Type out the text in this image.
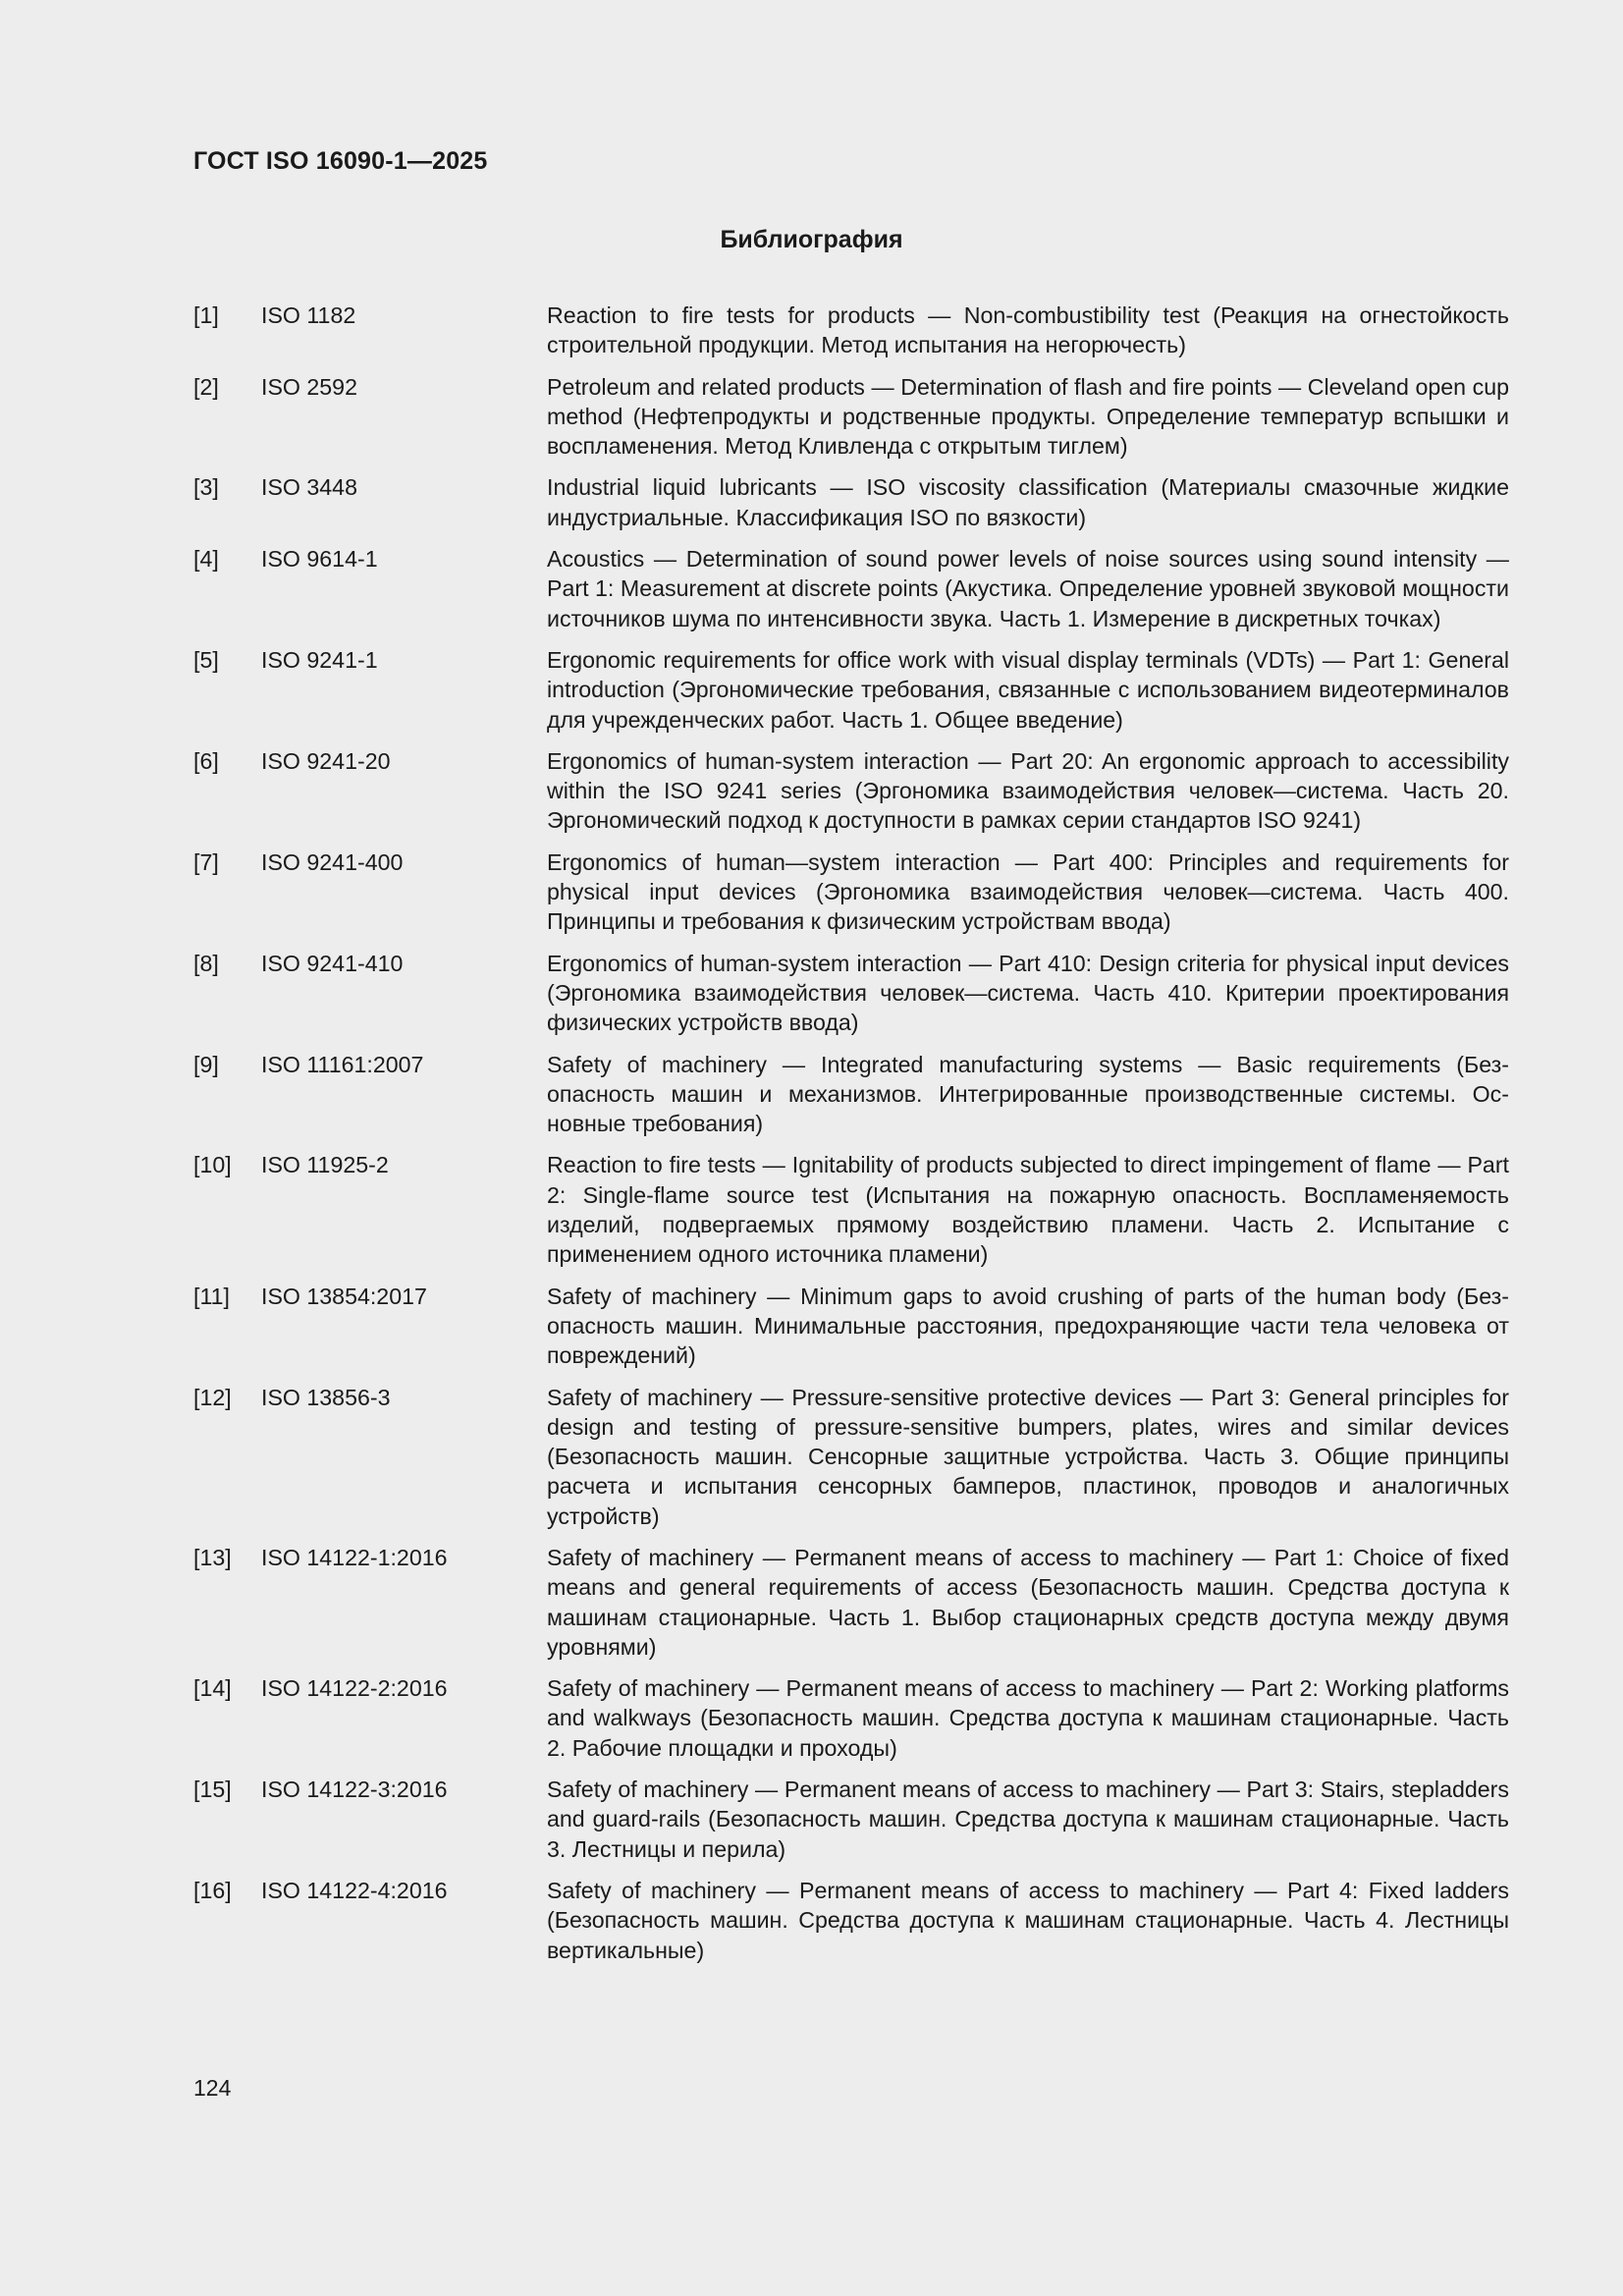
ГОСТ ISO 16090-1—2025
Библиография
[1] ISO 1182	Reaction to fire tests for products — Non-combustibility test (Реакция на огнестойкость строительной продукции. Метод испытания на негорючесть)
[2] ISO 2592	Petroleum and related products — Determination of flash and fire points — Cleveland open cup method (Нефтепродукты и родственные продукты. Определение температур вспышки и воспламенения. Метод Кливленда с открытым тиглем)
[3] ISO 3448	Industrial liquid lubricants — ISO viscosity classification (Материалы смазочные жидкие индустриальные. Классификация ISO по вязкости)
[4] ISO 9614-1	Acoustics — Determination of sound power levels of noise sources using sound intensity — Part 1: Measurement at discrete points (Акустика. Определение уровней звуковой мощности источников шума по интенсивности звука. Часть 1. Измерение в дискретных точках)
[5] ISO 9241-1	Ergonomic requirements for office work with visual display terminals (VDTs) — Part 1: General introduction (Эргономические требования, связанные с использованием видеотерминалов для учрежденческих работ. Часть 1. Общее введение)
[6] ISO 9241-20	Ergonomics of human-system interaction — Part 20: An ergonomic approach to accessibility within the ISO 9241 series (Эргономика взаимодействия человек—система. Часть 20. Эргономический подход к доступности в рамках серии стандартов ISO 9241)
[7] ISO 9241-400	Ergonomics of human—system interaction — Part 400: Principles and requirements for physical input devices (Эргономика взаимодействия человек—система. Часть 400. Принципы и требования к физическим устройствам ввода)
[8] ISO 9241-410	Ergonomics of human-system interaction — Part 410: Design criteria for physical input devices (Эргономика взаимодействия человек—система. Часть 410. Критерии проектирования физических устройств ввода)
[9] ISO 11161:2007	Safety of machinery — Integrated manufacturing systems — Basic requirements (Безопасность машин и механизмов. Интегрированные производственные системы. Основные требования)
[10] ISO 11925-2	Reaction to fire tests — Ignitability of products subjected to direct impingement of flame — Part 2: Single-flame source test (Испытания на пожарную опасность. Воспламеняемость изделий, подвергаемых прямому воздействию пламени. Часть 2. Испытание с применением одного источника пламени)
[11] ISO 13854:2017	Safety of machinery — Minimum gaps to avoid crushing of parts of the human body (Безопасность машин. Минимальные расстояния, предохраняющие части тела человека от повреждений)
[12] ISO 13856-3	Safety of machinery — Pressure-sensitive protective devices — Part 3: General principles for design and testing of pressure-sensitive bumpers, plates, wires and similar devices (Безопасность машин. Сенсорные защитные устройства. Часть 3. Общие принципы расчета и испытания сенсорных бамперов, пластинок, проводов и аналогичных устройств)
[13] ISO 14122-1:2016	Safety of machinery — Permanent means of access to machinery — Part 1: Choice of fixed means and general requirements of access (Безопасность машин. Средства доступа к машинам стационарные. Часть 1. Выбор стационарных средств доступа между двумя уровнями)
[14] ISO 14122-2:2016	Safety of machinery — Permanent means of access to machinery — Part 2: Working platforms and walkways (Безопасность машин. Средства доступа к машинам стационарные. Часть 2. Рабочие площадки и проходы)
[15] ISO 14122-3:2016	Safety of machinery — Permanent means of access to machinery — Part 3: Stairs, stepladders and guard-rails (Безопасность машин. Средства доступа к машинам стационарные. Часть 3. Лестницы и перила)
[16] ISO 14122-4:2016	Safety of machinery — Permanent means of access to machinery — Part 4: Fixed ladders (Безопасность машин. Средства доступа к машинам стационарные. Часть 4. Лестницы вертикальные)
124
